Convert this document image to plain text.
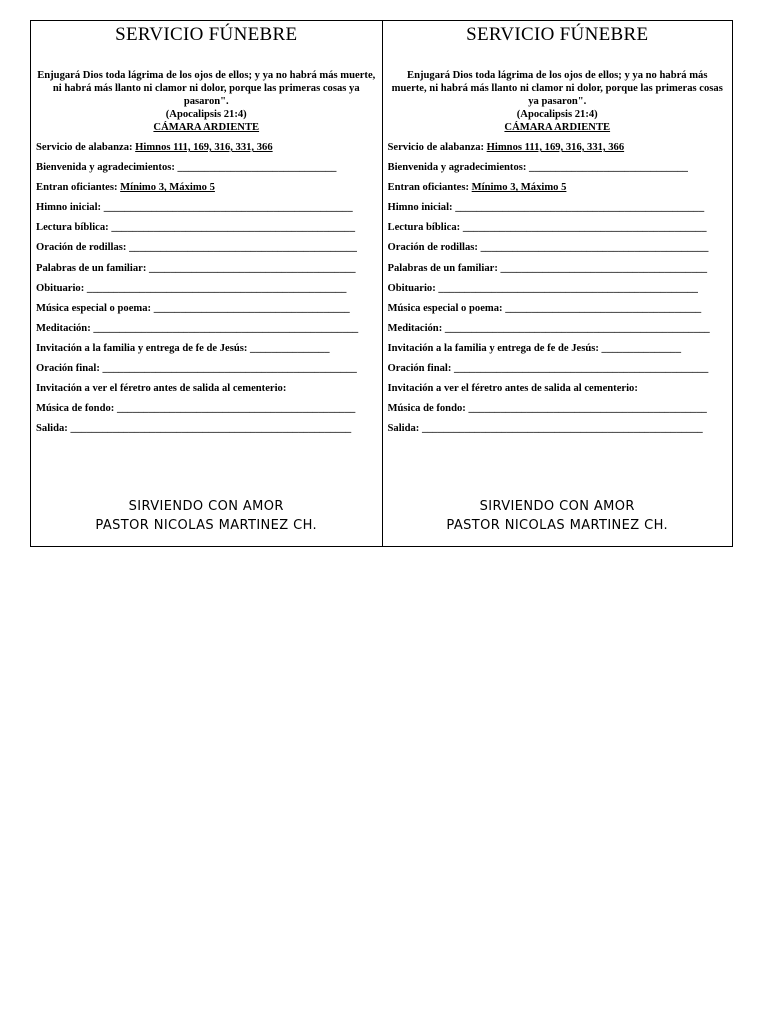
SERVICIO FÚNEBRE
Enjugará Dios toda lágrima de los ojos de ellos; y ya no habrá más muerte, ni habrá más llanto ni clamor ni dolor, porque las primeras cosas ya pasaron".
(Apocalipsis 21:4)
CÁMARA ARDIENTE
Servicio de alabanza: Himnos 111, 169, 316, 331, 366
Bienvenida y agradecimientos: ______________________________
Entran oficiantes: Mínimo 3, Máximo 5
Himno inicial: _______________________________________________
Lectura bíblica: ______________________________________________
Oración de rodillas: ___________________________________________
Palabras de un familiar: _______________________________________
Obituario: _________________________________________________
Música especial o poema: _____________________________________
Meditación: __________________________________________________
Invitación a la familia y entrega de fe de Jesús: _______________
Oración final: ________________________________________________
Invitación a ver el féretro antes de salida al cementerio:
Música de fondo: _____________________________________________
Salida: _____________________________________________________
SIRVIENDO CON AMOR
PASTOR NICOLAS MARTINEZ CH.
SERVICIO FÚNEBRE
Enjugará Dios toda lágrima de los ojos de ellos; y ya no habrá más muerte, ni habrá más llanto ni clamor ni dolor, porque las primeras cosas ya pasaron".
(Apocalipsis 21:4)
CÁMARA ARDIENTE
Servicio de alabanza: Himnos 111, 169, 316, 331, 366
Bienvenida y agradecimientos: ______________________________
Entran oficiantes: Mínimo 3, Máximo 5
Himno inicial: _______________________________________________
Lectura bíblica: ______________________________________________
Oración de rodillas: ___________________________________________
Palabras de un familiar: _______________________________________
Obituario: _________________________________________________
Música especial o poema: _____________________________________
Meditación: __________________________________________________
Invitación a la familia y entrega de fe de Jesús: _______________
Oración final: ________________________________________________
Invitación a ver el féretro antes de salida al cementerio:
Música de fondo: _____________________________________________
Salida: _____________________________________________________
SIRVIENDO CON AMOR
PASTOR NICOLAS MARTINEZ CH.
